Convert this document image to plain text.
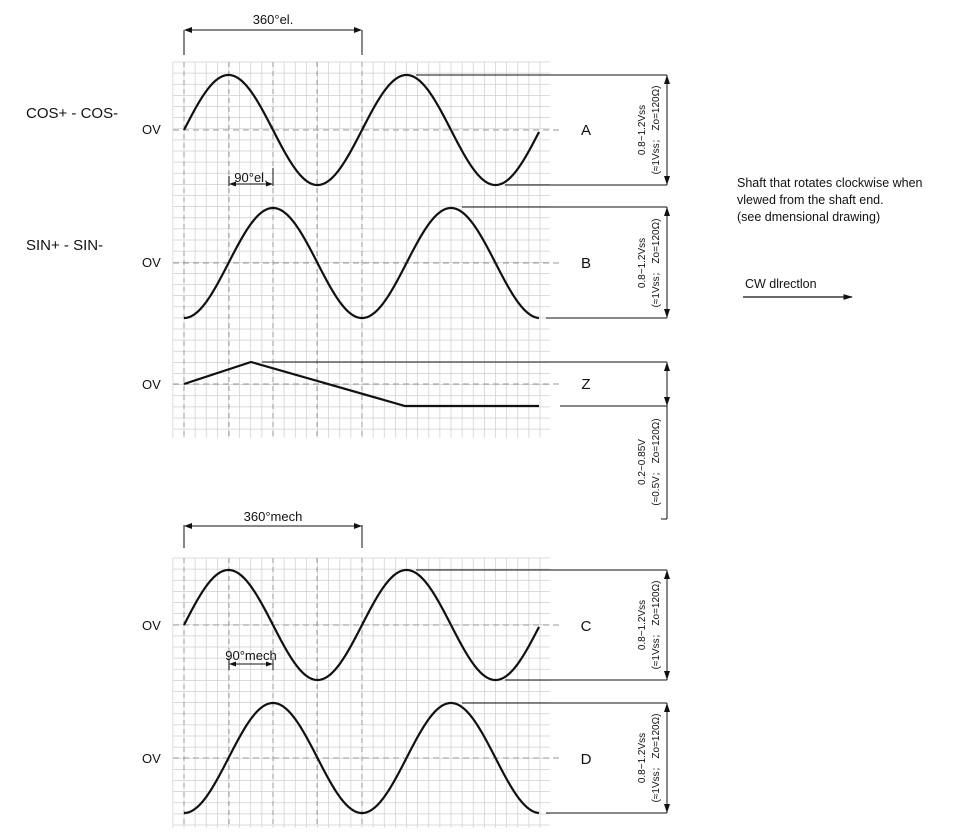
360°el.
90°el.
360°mech
90°mech
COS+ - COS-
SIN+ - SIN-
OV
OV
OV
OV
OV
A
B
Z
C
D
0.8~1.2Vss (≈1Vss； Zo=120Ω)
0.8~1.2Vss (≈1Vss； Zo=120Ω)
0.2~0.85V (≈0.5V； Zo=120Ω)
0.8~1.2Vss (≈1Vss； Zo=120Ω)
0.8~1.2Vss (≈1Vss； Zo=120Ω)
Shaft that rotates clockwise when
vlewed from the shaft end.
(see dmensional drawing)
CW dlrectlon
